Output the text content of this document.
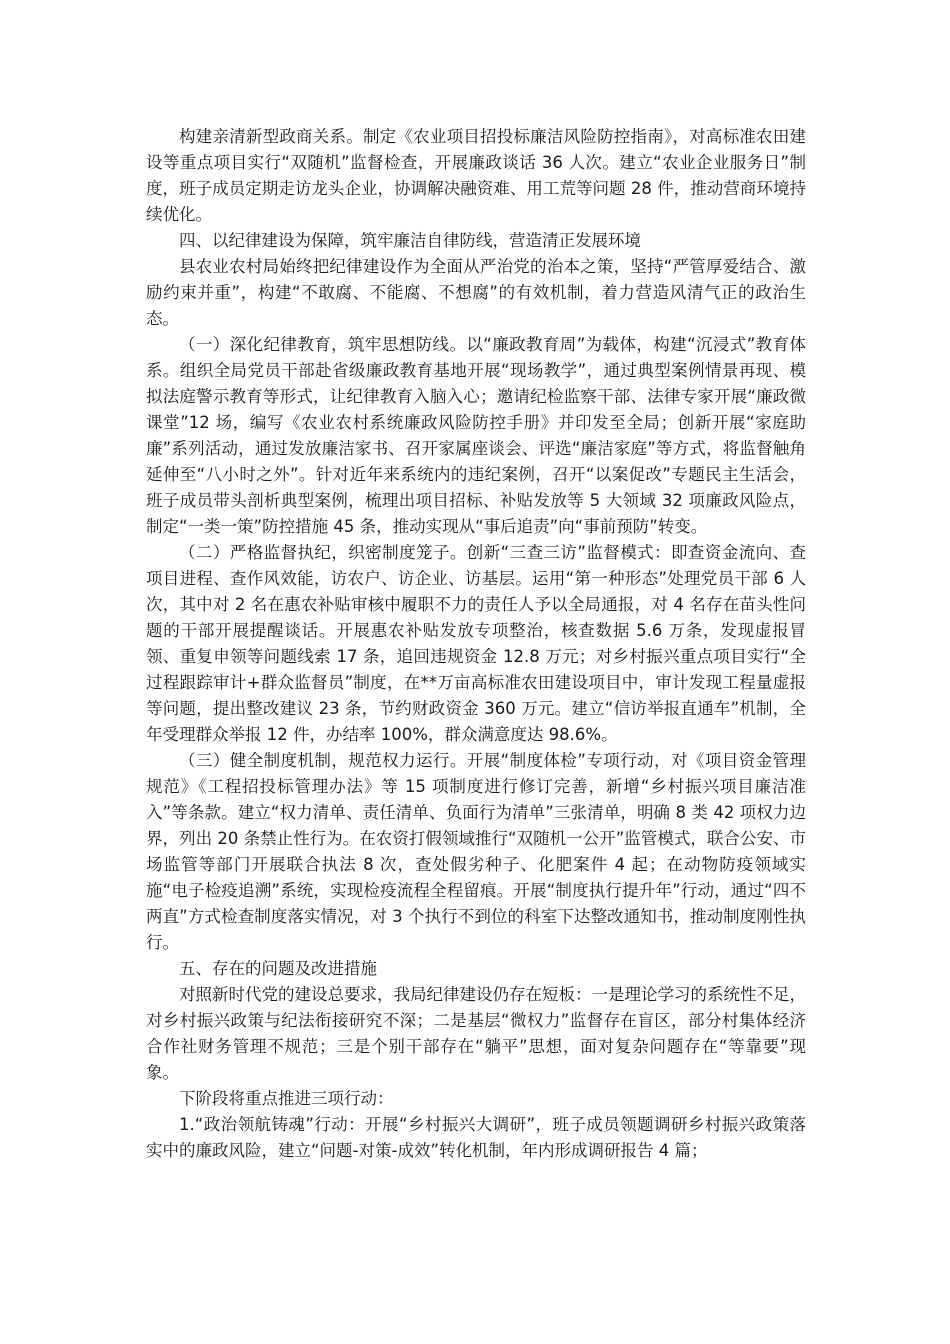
构建亲清新型政商关系。制定《农业项目招投标廉洁风险防控指南》，对高标准农田建设等重点项目实行“双随机”监督检查，开展廉政谈话 36 人次。建立“农业企业服务日”制度，班子成员定期走访龙头企业，协调解决融资难、用工荒等问题 28 件，推动营商环境持续优化。

四、以纪律建设为保障，筑牢廉洁自律防线，营造清正发展环境

县农业农村局始终把纪律建设作为全面从严治党的治本之策，坚持“严管厚爱结合、激励约束并重”，构建“不敢腐、不能腐、不想腐”的有效机制，着力营造风清气正的政治生态。

（一）深化纪律教育，筑牢思想防线。以“廉政教育周”为载体，构建“沉浸式”教育体系。组织全局党员干部赴省级廉政教育基地开展“现场教学”，通过典型案例情景再现、模拟法庭警示教育等形式，让纪律教育入脑入心；邀请纪检监察干部、法律专家开展“廉政微课堂”12 场，编写《农业农村系统廉政风险防控手册》并印发至全局；创新开展“家庭助廉”系列活动，通过发放廉洁家书、召开家属座谈会、评选“廉洁家庭”等方式，将监督触角延伸至“八小时之外”。针对近年来系统内的违纪案例，召开“以案促改”专题民主生活会，班子成员带头剖析典型案例，梳理出项目招标、补贴发放等 5 大领域 32 项廉政风险点，制定“一类一策”防控措施 45 条，推动实现从“事后追责”向“事前预防”转变。

（二）严格监督执纪，织密制度笼子。创新“三查三访”监督模式：即查资金流向、查项目进程、查作风效能，访农户、访企业、访基层。运用“第一种形态”处理党员干部 6 人次，其中对 2 名在惠农补贴审核中履职不力的责任人予以全局通报，对 4 名存在苗头性问题的干部开展提醒谈话。开展惠农补贴发放专项整治，核查数据 5.6 万条，发现虚报冒领、重复申领等问题线索 17 条，追回违规资金 12.8 万元；对乡村振兴重点项目实行“全过程跟踪审计+群众监督员”制度，在**万亩高标准农田建设项目中，审计发现工程量虚报等问题，提出整改建议 23 条，节约财政资金 360 万元。建立“信访举报直通车”机制，全年受理群众举报 12 件，办结率 100%，群众满意度达 98.6%。

（三）健全制度机制，规范权力运行。开展“制度体检”专项行动，对《项目资金管理规范》《工程招投标管理办法》等 15 项制度进行修订完善，新增“乡村振兴项目廉洁准入”等条款。建立“权力清单、责任清单、负面行为清单”三张清单，明确 8 类 42 项权力边界，列出 20 条禁止性行为。在农资打假领域推行“双随机一公开”监管模式，联合公安、市场监管等部门开展联合执法 8 次，查处假劣种子、化肥案件 4 起；在动物防疫领域实施“电子检疫追溯”系统，实现检疫流程全程留痕。开展“制度执行提升年”行动，通过“四不两直”方式检查制度落实情况，对 3 个执行不到位的科室下达整改通知书，推动制度刚性执行。

五、存在的问题及改进措施

对照新时代党的建设总要求，我局纪律建设仍存在短板：一是理论学习的系统性不足，对乡村振兴政策与纪法衔接研究不深；二是基层“微权力”监督存在盲区，部分村集体经济合作社财务管理不规范；三是个别干部存在“躺平”思想，面对复杂问题存在“等靠要”现象。

下阶段将重点推进三项行动：

1.“政治领航铸魂”行动：开展“乡村振兴大调研”，班子成员领题调研乡村振兴政策落实中的廉政风险，建立“问题-对策-成效”转化机制，年内形成调研报告 4 篇；
